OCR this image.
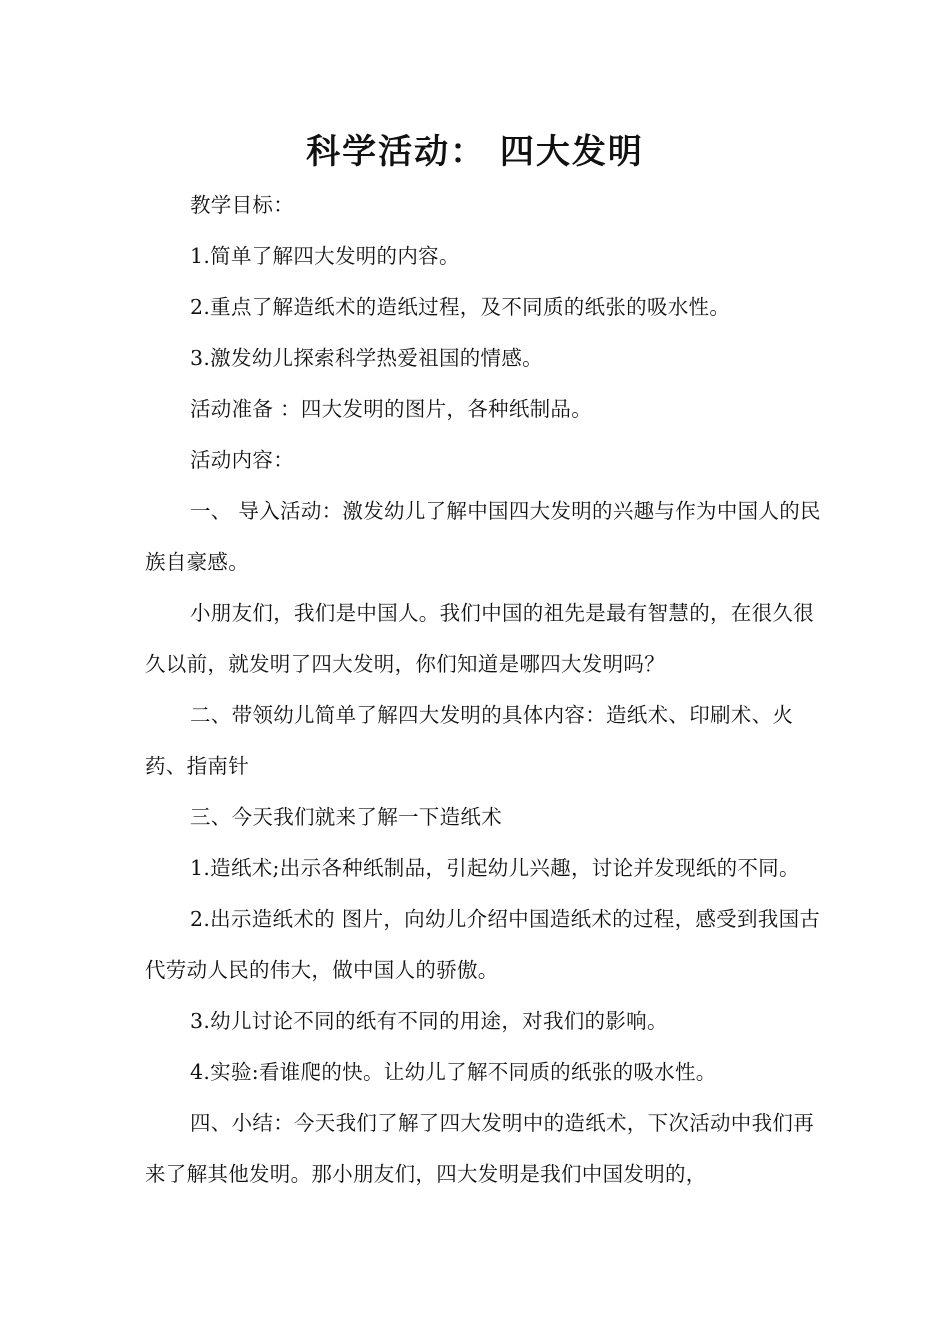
科学活动： 四大发明

教学目标：

1.简单了解四大发明的内容。

2.重点了解造纸术的造纸过程，及不同质的纸张的吸水性。

3.激发幼儿探索科学热爱祖国的情感。

活动准备 ：四大发明的图片，各种纸制品。

活动内容：

一、 导入活动：激发幼儿了解中国四大发明的兴趣与作为中国人的民族自豪感。

小朋友们，我们是中国人。我们中国的祖先是最有智慧的，在很久很久以前，就发明了四大发明，你们知道是哪四大发明吗？

二、带领幼儿简单了解四大发明的具体内容：造纸术、印刷术、火药、指南针

三、今天我们就来了解一下造纸术

1.造纸术;出示各种纸制品，引起幼儿兴趣，讨论并发现纸的不同。

2.出示造纸术的 图片，向幼儿介绍中国造纸术的过程，感受到我国古代劳动人民的伟大，做中国人的骄傲。

3.幼儿讨论不同的纸有不同的用途，对我们的影响。

4.实验:看谁爬的快。让幼儿了解不同质的纸张的吸水性。

四、小结：今天我们了解了四大发明中的造纸术，下次活动中我们再来了解其他发明。那小朋友们，四大发明是我们中国发明的，
